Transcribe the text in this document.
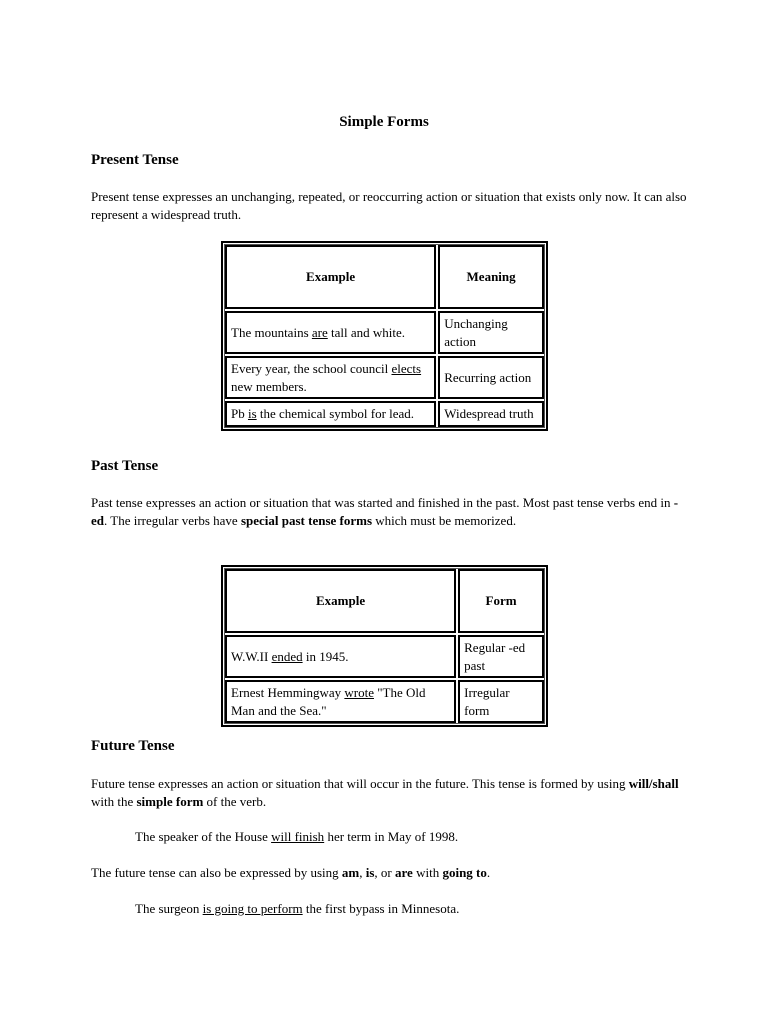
Simple Forms
Present Tense
Present tense expresses an unchanging, repeated, or reoccurring action or situation that exists only now. It can also represent a widespread truth.
Example	Meaning
The mountains are tall and white.	Unchanging action
Every year, the school council elects new members.	Recurring action
Pb is the chemical symbol for lead.	Widespread truth
Past Tense
Past tense expresses an action or situation that was started and finished in the past. Most past tense verbs end in -ed. The irregular verbs have special past tense forms which must be memorized.
Example	Form
W.W.II ended in 1945.	Regular -ed past
Ernest Hemmingway wrote "The Old Man and the Sea."	Irregular form
Future Tense
Future tense expresses an action or situation that will occur in the future. This tense is formed by using will/shall with the simple form of the verb.
The speaker of the House will finish her term in May of 1998.
The future tense can also be expressed by using am, is, or are with going to.
The surgeon is going to perform the first bypass in Minnesota.
